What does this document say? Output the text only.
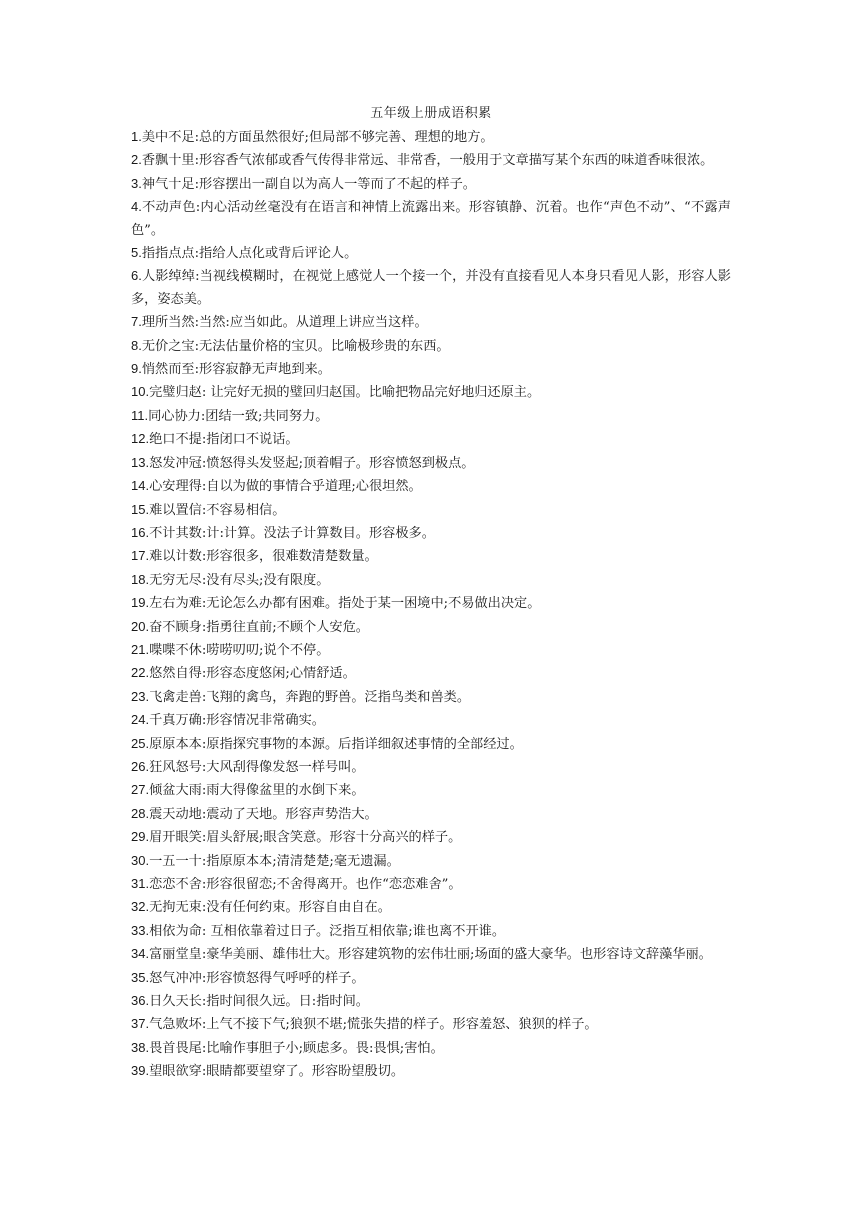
五年级上册成语积累
1.美中不足:总的方面虽然很好;但局部不够完善、理想的地方。
2.香飘十里:形容香气浓郁或香气传得非常远、非常香，一般用于文章描写某个东西的味道香味很浓。
3.神气十足:形容摆出一副自以为高人一等而了不起的样子。
4.不动声色:内心活动丝毫没有在语言和神情上流露出来。形容镇静、沉着。也作“声色不动”、“不露声色”。
5.指指点点:指给人点化或背后评论人。
6.人影绰绰:当视线模糊时，在视觉上感觉人一个接一个，并没有直接看见人本身只看见人影，形容人影多，姿态美。
7.理所当然:当然:应当如此。从道理上讲应当这样。
8.无价之宝:无法估量价格的宝贝。比喻极珍贵的东西。
9.悄然而至:形容寂静无声地到来。
10.完璧归赵: 让完好无损的璧回归赵国。比喻把物品完好地归还原主。
11.同心协力:团结一致;共同努力。
12.绝口不提:指闭口不说话。
13.怒发冲冠:愤怒得头发竖起;顶着帽子。形容愤怒到极点。
14.心安理得:自以为做的事情合乎道理;心很坦然。
15.难以置信:不容易相信。
16.不计其数:计:计算。没法子计算数目。形容极多。
17.难以计数:形容很多，很难数清楚数量。
18.无穷无尽:没有尽头;没有限度。
19.左右为难:无论怎么办都有困难。指处于某一困境中;不易做出决定。
20.奋不顾身:指勇往直前;不顾个人安危。
21.喋喋不休:唠唠叨叨;说个不停。
22.悠然自得:形容态度悠闲;心情舒适。
23.飞禽走兽:飞翔的禽鸟，奔跑的野兽。泛指鸟类和兽类。
24.千真万确:形容情况非常确实。
25.原原本本:原指探究事物的本源。后指详细叙述事情的全部经过。
26.狂风怒号:大风刮得像发怒一样号叫。
27.倾盆大雨:雨大得像盆里的水倒下来。
28.震天动地:震动了天地。形容声势浩大。
29.眉开眼笑:眉头舒展;眼含笑意。形容十分高兴的样子。
30.一五一十:指原原本本;清清楚楚;毫无遗漏。
31.恋恋不舍:形容很留恋;不舍得离开。也作“恋恋难舍”。
32.无拘无束:没有任何约束。形容自由自在。
33.相依为命: 互相依靠着过日子。泛指互相依靠;谁也离不开谁。
34.富丽堂皇:豪华美丽、雄伟壮大。形容建筑物的宏伟壮丽;场面的盛大豪华。也形容诗文辞藻华丽。
35.怒气冲冲:形容愤怒得气呼呼的样子。
36.日久天长:指时间很久远。日:指时间。
37.气急败坏:上气不接下气;狼狈不堪;慌张失措的样子。形容羞怒、狼狈的样子。
38.畏首畏尾:比喻作事胆子小;顾虑多。畏:畏惧;害怕。
39.望眼欲穿:眼睛都要望穿了。形容盼望殷切。
